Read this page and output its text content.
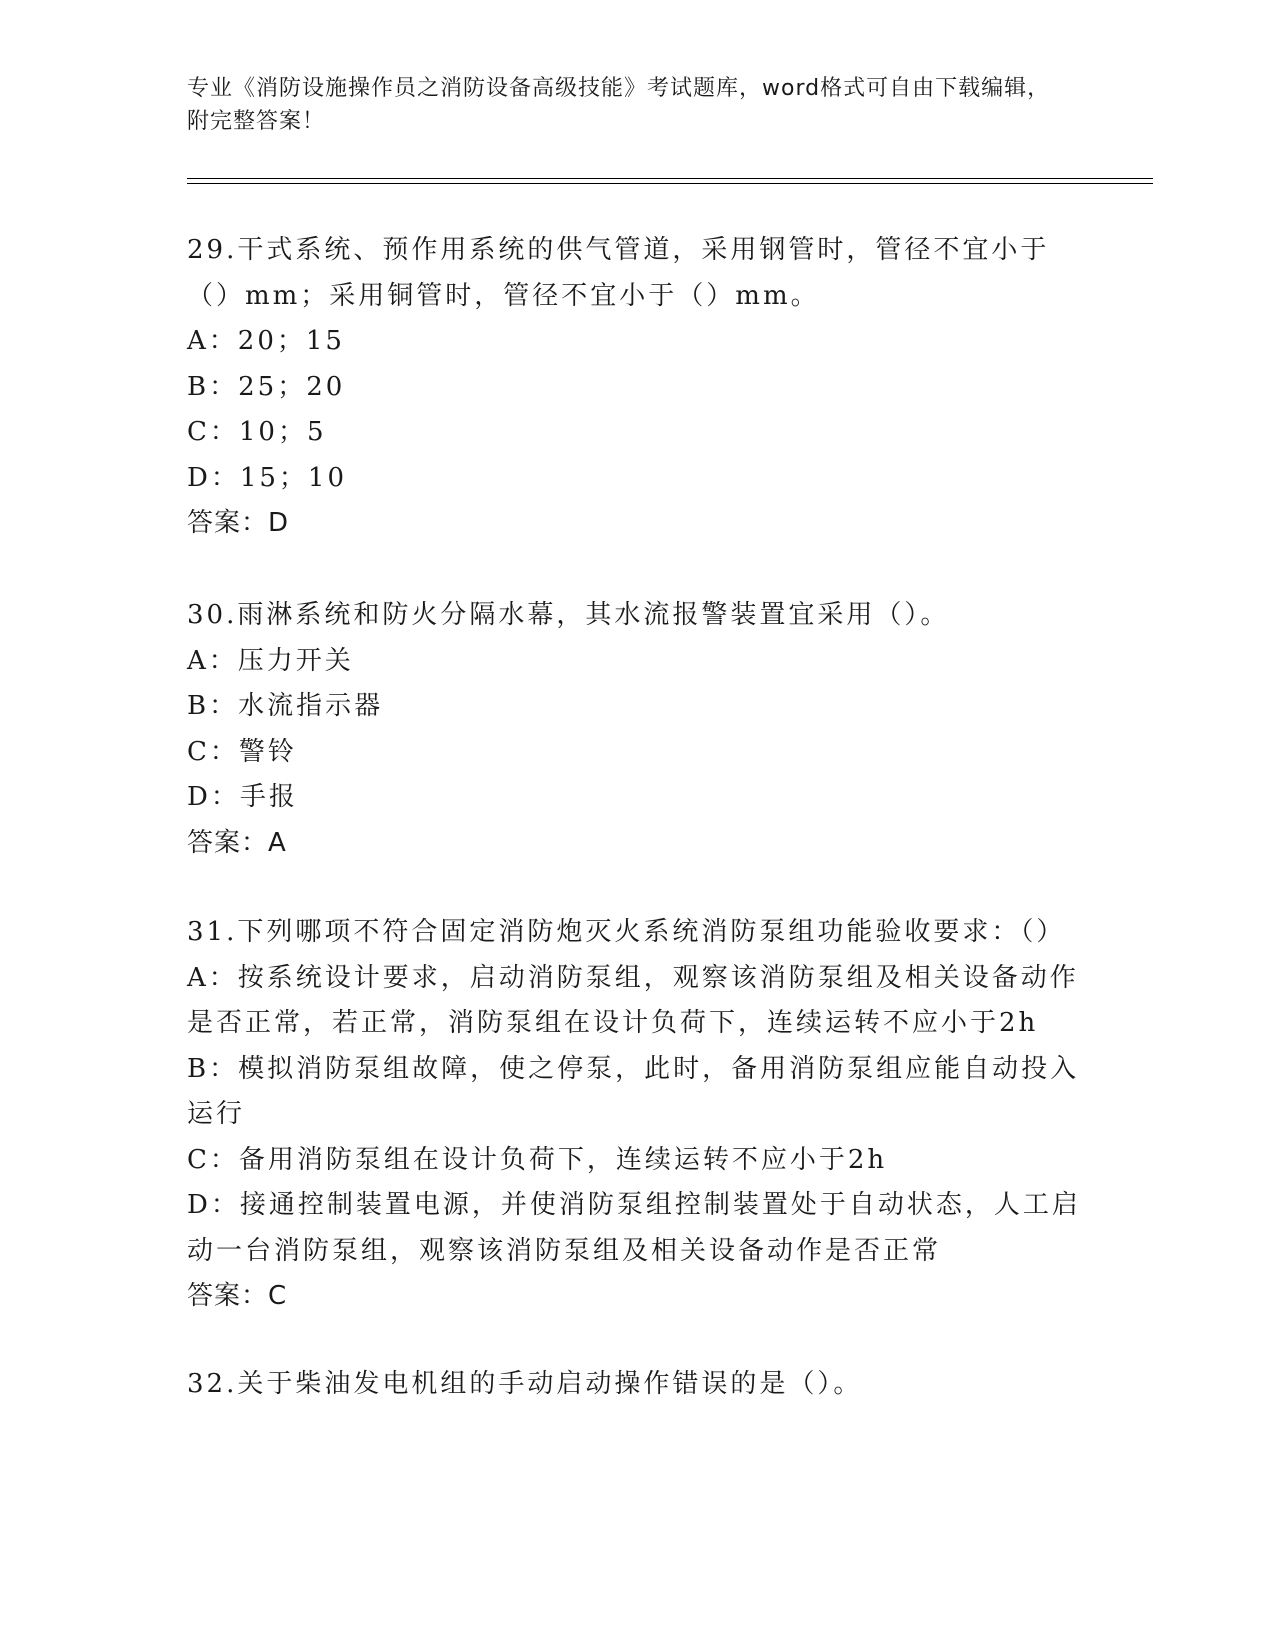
专业《消防设施操作员之消防设备高级技能》考试题库，word格式可自由下载编辑，附完整答案！

29.干式系统、预作用系统的供气管道，采用钢管时，管径不宜小于（）mm；采用铜管时，管径不宜小于（）mm。

A：20；15

B：25；20

C：10；5

D：15；10

答案：D

30.雨淋系统和防火分隔水幕，其水流报警装置宜采用（）。

A：压力开关

B：水流指示器

C：警铃

D：手报

答案：A

31.下列哪项不符合固定消防炮灭火系统消防泵组功能验收要求：（）

A：按系统设计要求，启动消防泵组，观察该消防泵组及相关设备动作是否正常，若正常，消防泵组在设计负荷下，连续运转不应小于2h

B：模拟消防泵组故障，使之停泵，此时，备用消防泵组应能自动投入运行

C：备用消防泵组在设计负荷下，连续运转不应小于2h

D：接通控制装置电源，并使消防泵组控制装置处于自动状态，人工启动一台消防泵组，观察该消防泵组及相关设备动作是否正常

答案：C

32.关于柴油发电机组的手动启动操作错误的是（）。
